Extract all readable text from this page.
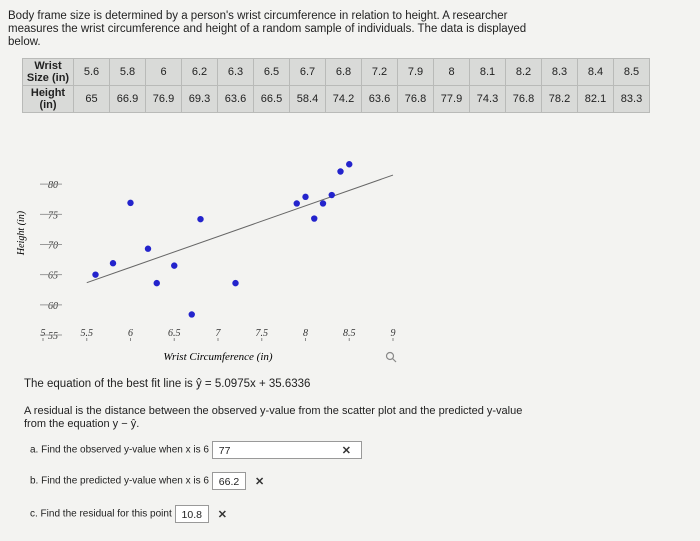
Body frame size is determined by a person's wrist circumference in relation to height. A researcher measures the wrist circumference and height of a random sample of individuals. The data is displayed below.
Wrist Size (in)	5.6	5.8	6	6.2	6.3	6.5	6.7	6.8	7.2	7.9	8	8.1	8.2	8.3	8.4	8.5
Height (in)	65	66.9	76.9	69.3	63.6	66.5	58.4	74.2	63.6	76.8	77.9	74.3	76.8	78.2	82.1	83.3
5	5.5	6	6.5	7	7.5	8	8.5	9
55
60
65
70
75
80
Wrist Circumference (in)
Height (in)
The equation of the best fit line is ŷ = 5.0975x + 35.6336
A residual is the distance between the observed y-value from the scatter plot and the predicted y-value from the equation y − ŷ.
a. Find the observed y-value when x is 6 77	✕
b. Find the predicted y-value when x is 6 66.2 ✕
c. Find the residual for this point 10.8 ✕
